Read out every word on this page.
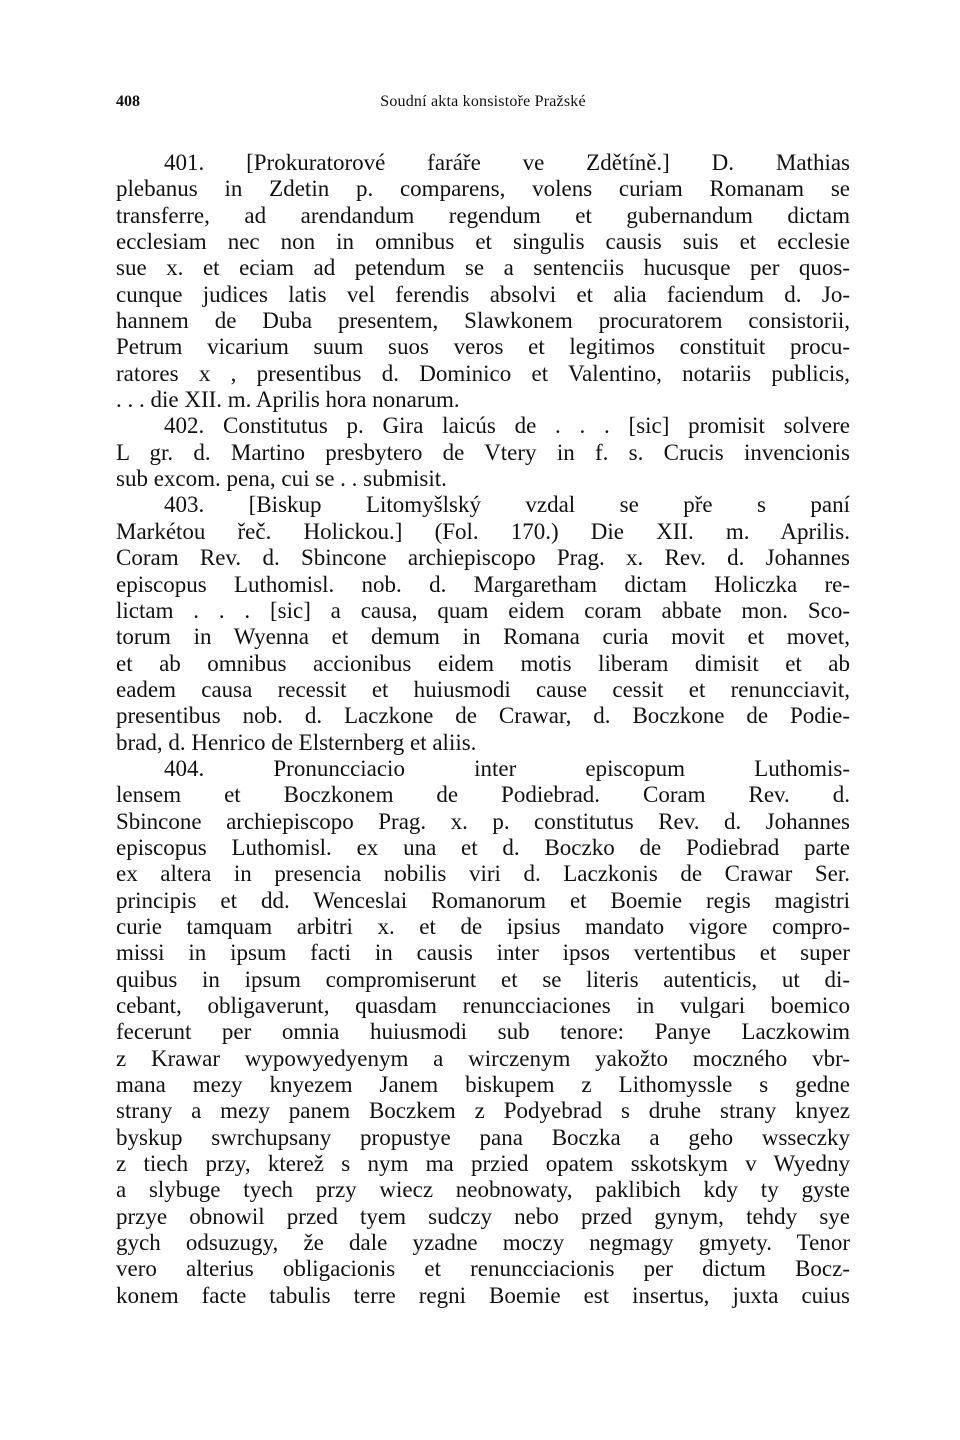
408	Soudní akta konsistoře Pražské
401. [Prokuratorové faráře ve Zdětíně.] D. Mathias
plebanus in Zdetin p. comparens, volens curiam Romanam se
transferre, ad arendandum regendum et gubernandum dictam
ecclesiam nec non in omnibus et singulis causis suis et ecclesie
sue x. et eciam ad petendum se a sentenciis hucusque per quos-
cunque judices latis vel ferendis absolvi et alia faciendum d. Jo-
hannem de Duba presentem, Slawkonem procuratorem consistorii,
Petrum vicarium suum suos veros et legitimos constituit procu-
ratores x , presentibus d. Dominico et Valentino, notariis publicis,
. . . die XII. m. Aprilis hora nonarum.
402. Constitutus p. Gira laicús de . . . [sic] promisit solvere
L gr. d. Martino presbytero de Vtery in f. s. Crucis invencionis
sub excom. pena, cui se . . submisit.
403. [Biskup Litomyšlský vzdal se pře s paní
Markétou řeč. Holickou.] (Fol. 170.) Die XII. m. Aprilis.
Coram Rev. d. Sbincone archiepiscopo Prag. x. Rev. d. Johannes
episcopus Luthomisl. nob. d. Margaretham dictam Holiczka re-
lictam . . . [sic] a causa, quam eidem coram abbate mon. Sco-
torum in Wyenna et demum in Romana curia movit et movet,
et ab omnibus accionibus eidem motis liberam dimisit et ab
eadem causa recessit et huiusmodi cause cessit et renuncciavit,
presentibus nob. d. Laczkone de Crawar, d. Boczkone de Podie-
brad, d. Henrico de Elsternberg et aliis.
404. Pronuncciacio inter episcopum Luthomis-
lensem et Boczkonem de Podiebrad. Coram Rev. d.
Sbincone archiepiscopo Prag. x. p. constitutus Rev. d. Johannes
episcopus Luthomisl. ex una et d. Boczko de Podiebrad parte
ex altera in presencia nobilis viri d. Laczkonis de Crawar Ser.
principis et dd. Wenceslai Romanorum et Boemie regis magistri
curie tamquam arbitri x. et de ipsius mandato vigore compro-
missi in ipsum facti in causis inter ipsos vertentibus et super
quibus in ipsum compromiserunt et se literis autenticis, ut di-
cebant, obligaverunt, quasdam renuncciaciones in vulgari boemico
fecerunt per omnia huiusmodi sub tenore: Panye Laczkowim
z Krawar wypowyedyenym a wirczenym yakožto moczného vbr-
mana mezy knyezem Janem biskupem z Lithomyssle s gedne
strany a mezy panem Boczkem z Podyebrad s druhe strany knyez
byskup swrchupsany propustye pana Boczka a geho wsseczky
z tiech przy, kterež s nym ma przied opatem sskotskym v Wyedny
a slybuge tyech przy wiecz neobnowaty, paklibich kdy ty gyste
przye obnowil przed tyem sudczy nebo przed gynym, tehdy sye
gych odsuzugy, že dale yzadne moczy negmagy gmyety. Tenor
vero alterius obligacionis et renuncciacionis per dictum Bocz-
konem facte tabulis terre regni Boemie est insertus, juxta cuius
